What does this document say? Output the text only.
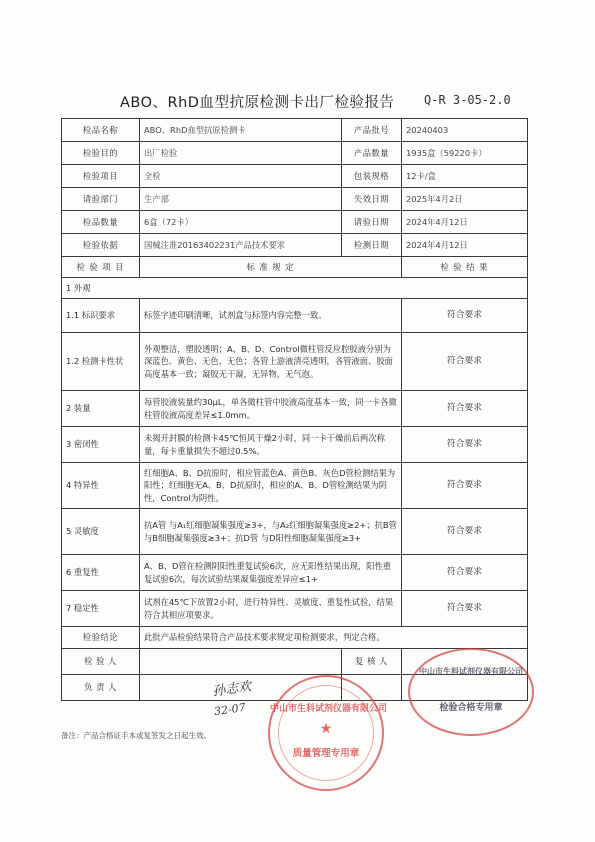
ABO、RhD血型抗原检测卡出厂检验报告 Q-R 3-05-2.0
检品名称	ABO、RhD血型抗原检测卡	产品批号	20240403
检验目的	出厂检验	产品数量	1935盒（59220卡）
检验项目	全检	包装规格	12卡/盒
请验部门	生产部	失效日期	2025年4月2日
检品数量	6盒（72卡）	请验日期	2024年4月12日
检验依据	国械注准20163402231产品技术要求	检测日期	2024年4月12日
检 验 项 目	标 准 规 定		检 验 结 果
1 外观			
1.1 标识要求	标签字迹印刷清晰，试剂盒与标签内容完整一致。		符合要求
1.2 检测卡性状	外观整洁，塑胶透明；A、B、D、Control微柱管反应腔胶液分别为深蓝色、黄色、无色、无色；各管上游液清亮透明，各管液面、胶面高度基本一致；凝胶无干凝，无异物，无气泡。		符合要求
2 装量	每管胶液装量约30μL，单各微柱管中胶液高度基本一致，同一卡各微柱管胶液高度差异≤1.0mm。		符合要求
3 密闭性	未揭开封膜的检测卡45℃恒风干燥2小时，同一卡干燥前后两次称量，每卡重量损失不超过0.5%。		符合要求
4 特异性	红细胞A、B、D抗原时，相应管蓝色A、黄色B、灰色D管检测结果为阳性；红细胞无A、B、D抗原时，相应的A、B、D管检测结果为阴性，Control为阴性。		符合要求
5 灵敏度	抗A管 与A₁红细胞凝集强度≥3+，与A₂红细胞凝集强度≥2+；抗B管 与B细胞凝集强度≥3+；抗D管 与D阳性细胞凝集强度≥3+		符合要求
6 重复性	A、B、D管在检测阴阳性重复试验6次，应无阳性结果出现，阳性重复试验6次，每次试验结果凝集强度差异应≤1+		符合要求
7 稳定性	试剂在45℃下放置2小时，进行特异性、灵敏度、重复性试验，结果符合其相应项要求。		符合要求
检验结论	此批产品检验结果符合产品技术要求规定项检测要求，判定合格。		
检 验 人		复 核 人	
负 责 人				孙志欢
32-07	中山市生科试剂仪器有限公司
★
质量管理专用章
中山市生科试剂仪器有限公司
检验合格专用章
备注：产品合格证手本或复签发之日起生效。
